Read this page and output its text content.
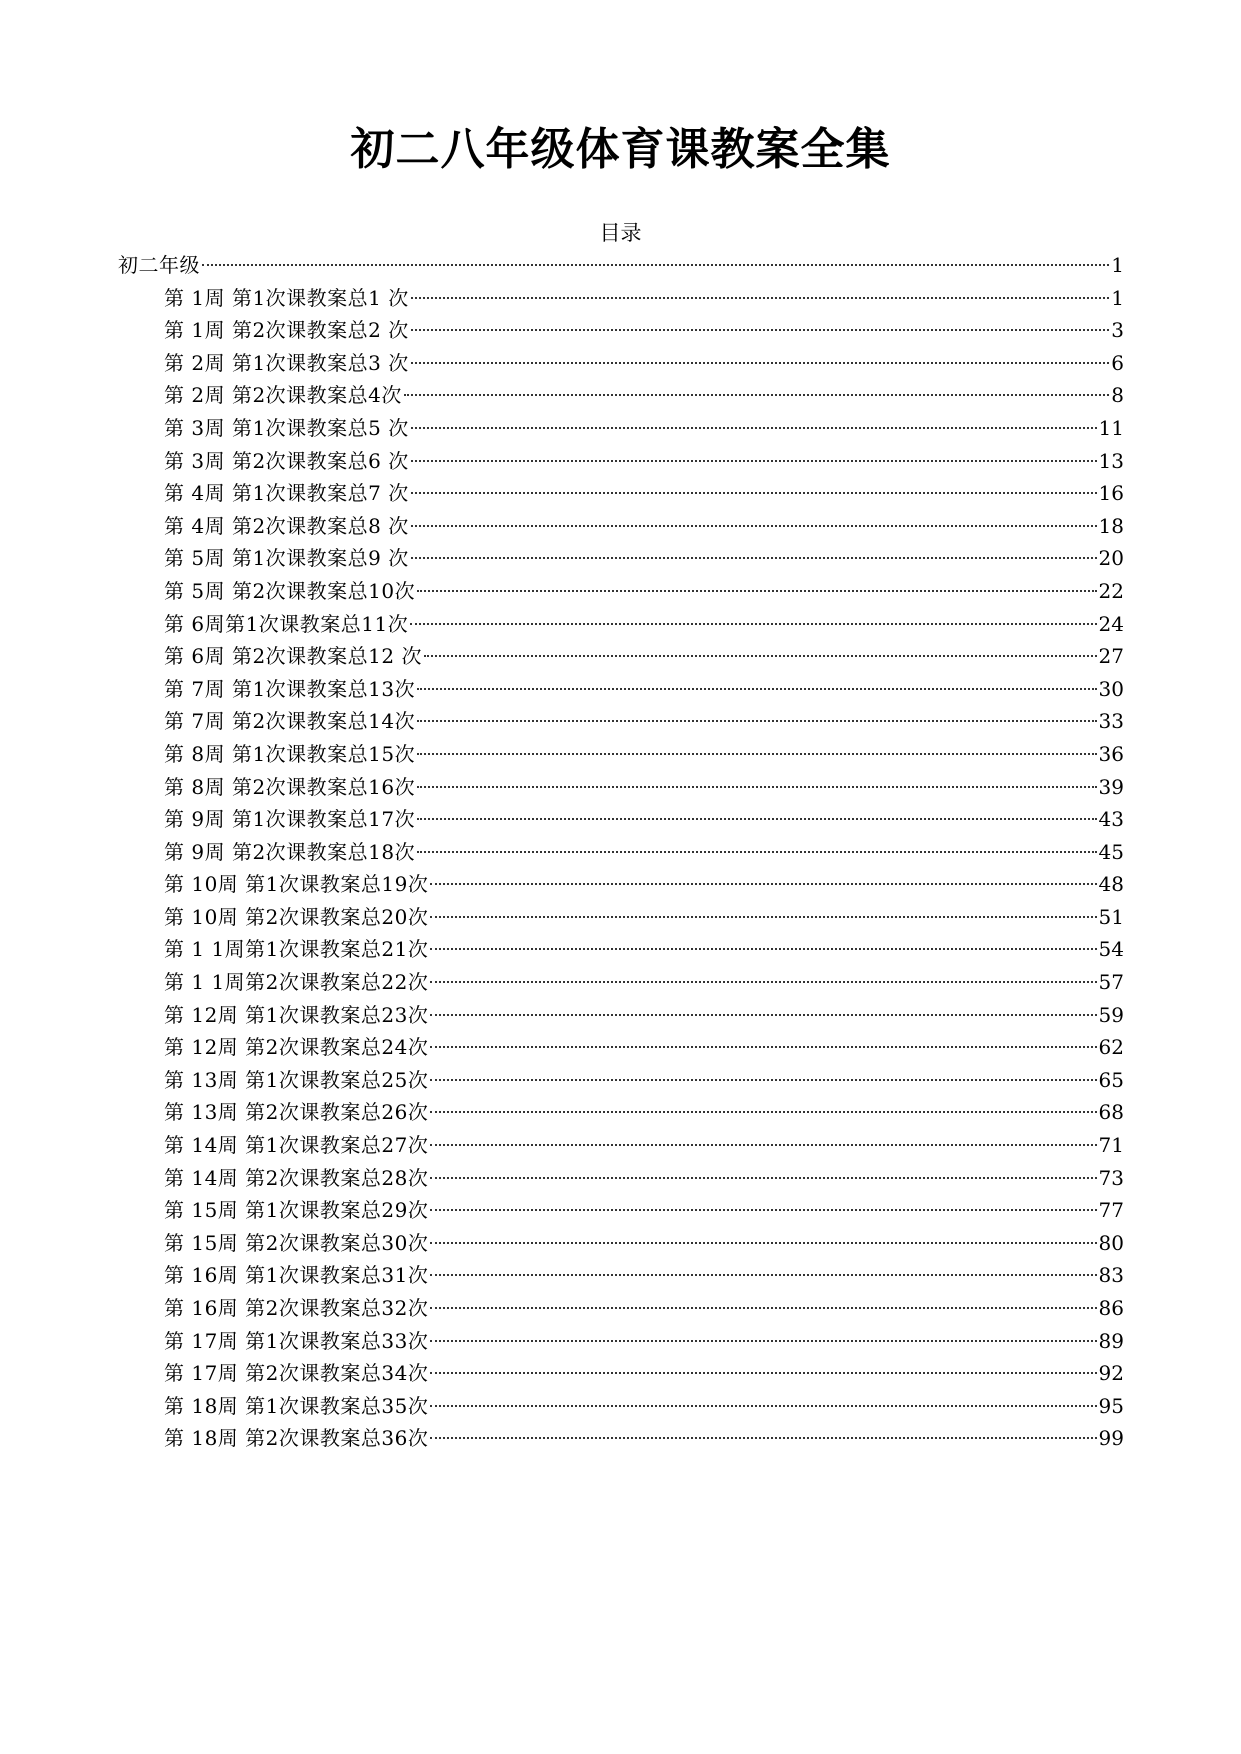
初二八年级体育课教案全集
目录
初二年级	1
第 1周 第1次课教案总1 次	1
第 1周 第2次课教案总2 次	3
第 2周 第1次课教案总3 次	6
第 2周 第2次课教案总4次	8
第 3周 第1次课教案总5 次	11
第 3周 第2次课教案总6 次	13
第 4周 第1次课教案总7 次	16
第 4周 第2次课教案总8 次	18
第 5周 第1次课教案总9 次	20
第 5周 第2次课教案总10次	22
第 6周第1次课教案总11次	24
第 6周 第2次课教案总12 次	27
第 7周 第1次课教案总13次	30
第 7周 第2次课教案总14次	33
第 8周 第1次课教案总15次	36
第 8周 第2次课教案总16次	39
第 9周 第1次课教案总17次	43
第 9周 第2次课教案总18次	45
第 10周 第1次课教案总19次	48
第 10周 第2次课教案总20次	51
第 1 1周第1次课教案总21次	54
第 1 1周第2次课教案总22次	57
第 12周 第1次课教案总23次	59
第 12周 第2次课教案总24次	62
第 13周 第1次课教案总25次	65
第 13周 第2次课教案总26次	68
第 14周 第1次课教案总27次	71
第 14周 第2次课教案总28次	73
第 15周 第1次课教案总29次	77
第 15周 第2次课教案总30次	80
第 16周 第1次课教案总31次	83
第 16周 第2次课教案总32次	86
第 17周 第1次课教案总33次	89
第 17周 第2次课教案总34次	92
第 18周 第1次课教案总35次	95
第 18周 第2次课教案总36次	99
